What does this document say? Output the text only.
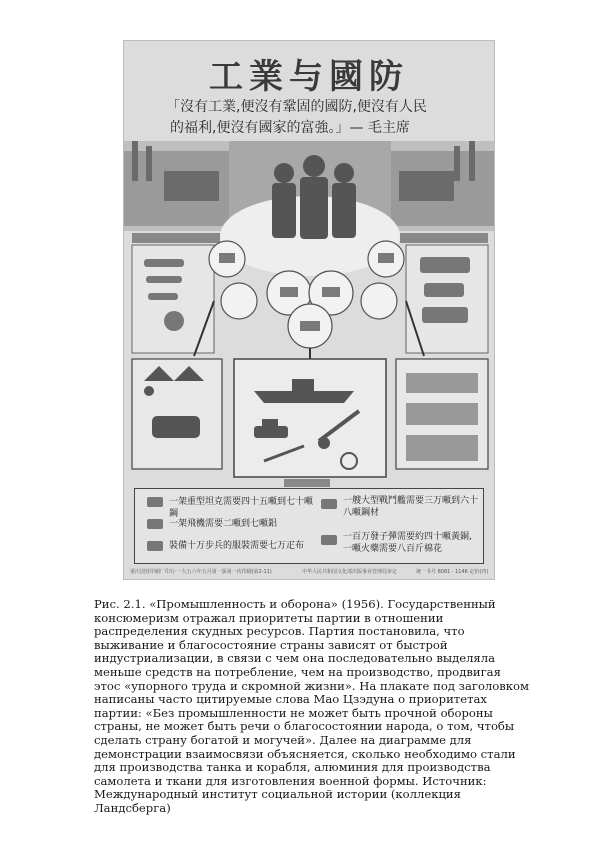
工業与國防
「沒有工業,便沒有鞏固的國防,便沒有人民
的福利,便沒有國家的富強。」— 毛主席
一架重型坦克需要四十五噸到七十噸鋼
一架飛機需要二噸到七噸鋁
裝備十万步兵的服裝需要七万疋布
一艘大型戰鬥艦需要三万噸到六十八噸鋼材
一百万發子彈需要約四十噸黃銅,一噸火藥需要八百斤棉花
重庆国营印刷厂印行·一九五六年五月第一版第一次印刷(第2-11)	中华人民共和国文化部出版事业管理局审定	统一书号 8081 · 1146 定价(四)
Рис. 2.1. «Промышленность и оборона» (1956). Государственный
консюмеризм отражал приоритеты партии в отношении
распределения скудных ресурсов. Партия постановила, что
выживание и благосостояние страны зависят от быстрой
индустриализации, в связи с чем она последовательно выделяла
меньше средств на потребление, чем на производство, продвигая
этос «упорного труда и скромной жизни». На плакате под заголовком
написаны часто цитируемые слова Мао Цзэдуна о приоритетах
партии: «Без промышленности не может быть прочной обороны
страны, не может быть речи о благосостоянии народа, о том, чтобы
сделать страну богатой и могучей». Далее на диаграмме для
демонстрации взаимосвязи объясняется, сколько необходимо стали
для производства танка и корабля, алюминия для производства
самолета и ткани для изготовления военной формы. Источник:
Международный институт социальной истории (коллекция
Ландсберга)
